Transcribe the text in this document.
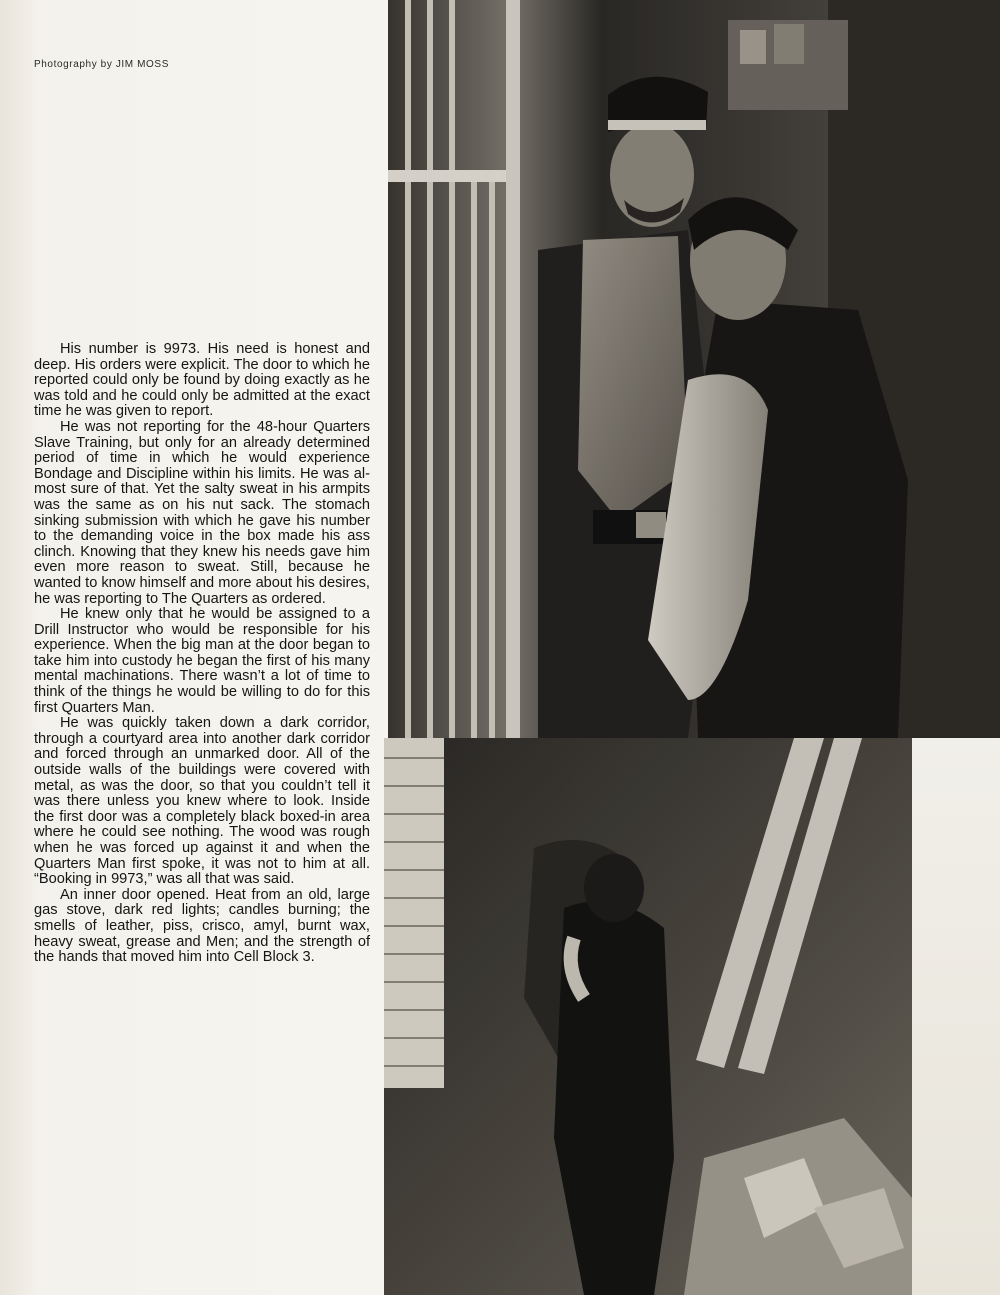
Photography by JIM MOSS

His number is 9973. His need is honest and deep. His orders were explicit. The door to which he reported could only be found by doing exactly as he was told and he could only be admitted at the exact time he was given to report.

He was not reporting for the 48-hour Quarters Slave Training, but only for an already determined period of time in which he would experience Bondage and Discipline within his limits. He was almost sure of that. Yet the salty sweat in his armpits was the same as on his nut sack. The stomach sinking submission with which he gave his number to the demanding voice in the box made his ass clinch. Knowing that they knew his needs gave him even more reason to sweat. Still, because he wanted to know himself and more about his desires, he was reporting to The Quarters as ordered.

He knew only that he would be assigned to a Drill Instructor who would be responsible for his experience. When the big man at the door began to take him into custody he began the first of his many mental machinations. There wasn’t a lot of time to think of the things he would be willing to do for this first Quarters Man.

He was quickly taken down a dark corridor, through a courtyard area into another dark corridor and forced through an unmarked door. All of the outside walls of the buildings were covered with metal, as was the door, so that you couldn’t tell it was there unless you knew where to look. Inside the first door was a completely black boxed-in area where he could see nothing. The wood was rough when he was forced up against it and when the Quarters Man first spoke, it was not to him at all. “Booking in 9973,” was all that was said.

An inner door opened. Heat from an old, large gas stove, dark red lights; candles burning; the smells of leather, piss, crisco, amyl, burnt wax, heavy sweat, grease and Men; and the strength of the hands that moved him into Cell Block 3.
